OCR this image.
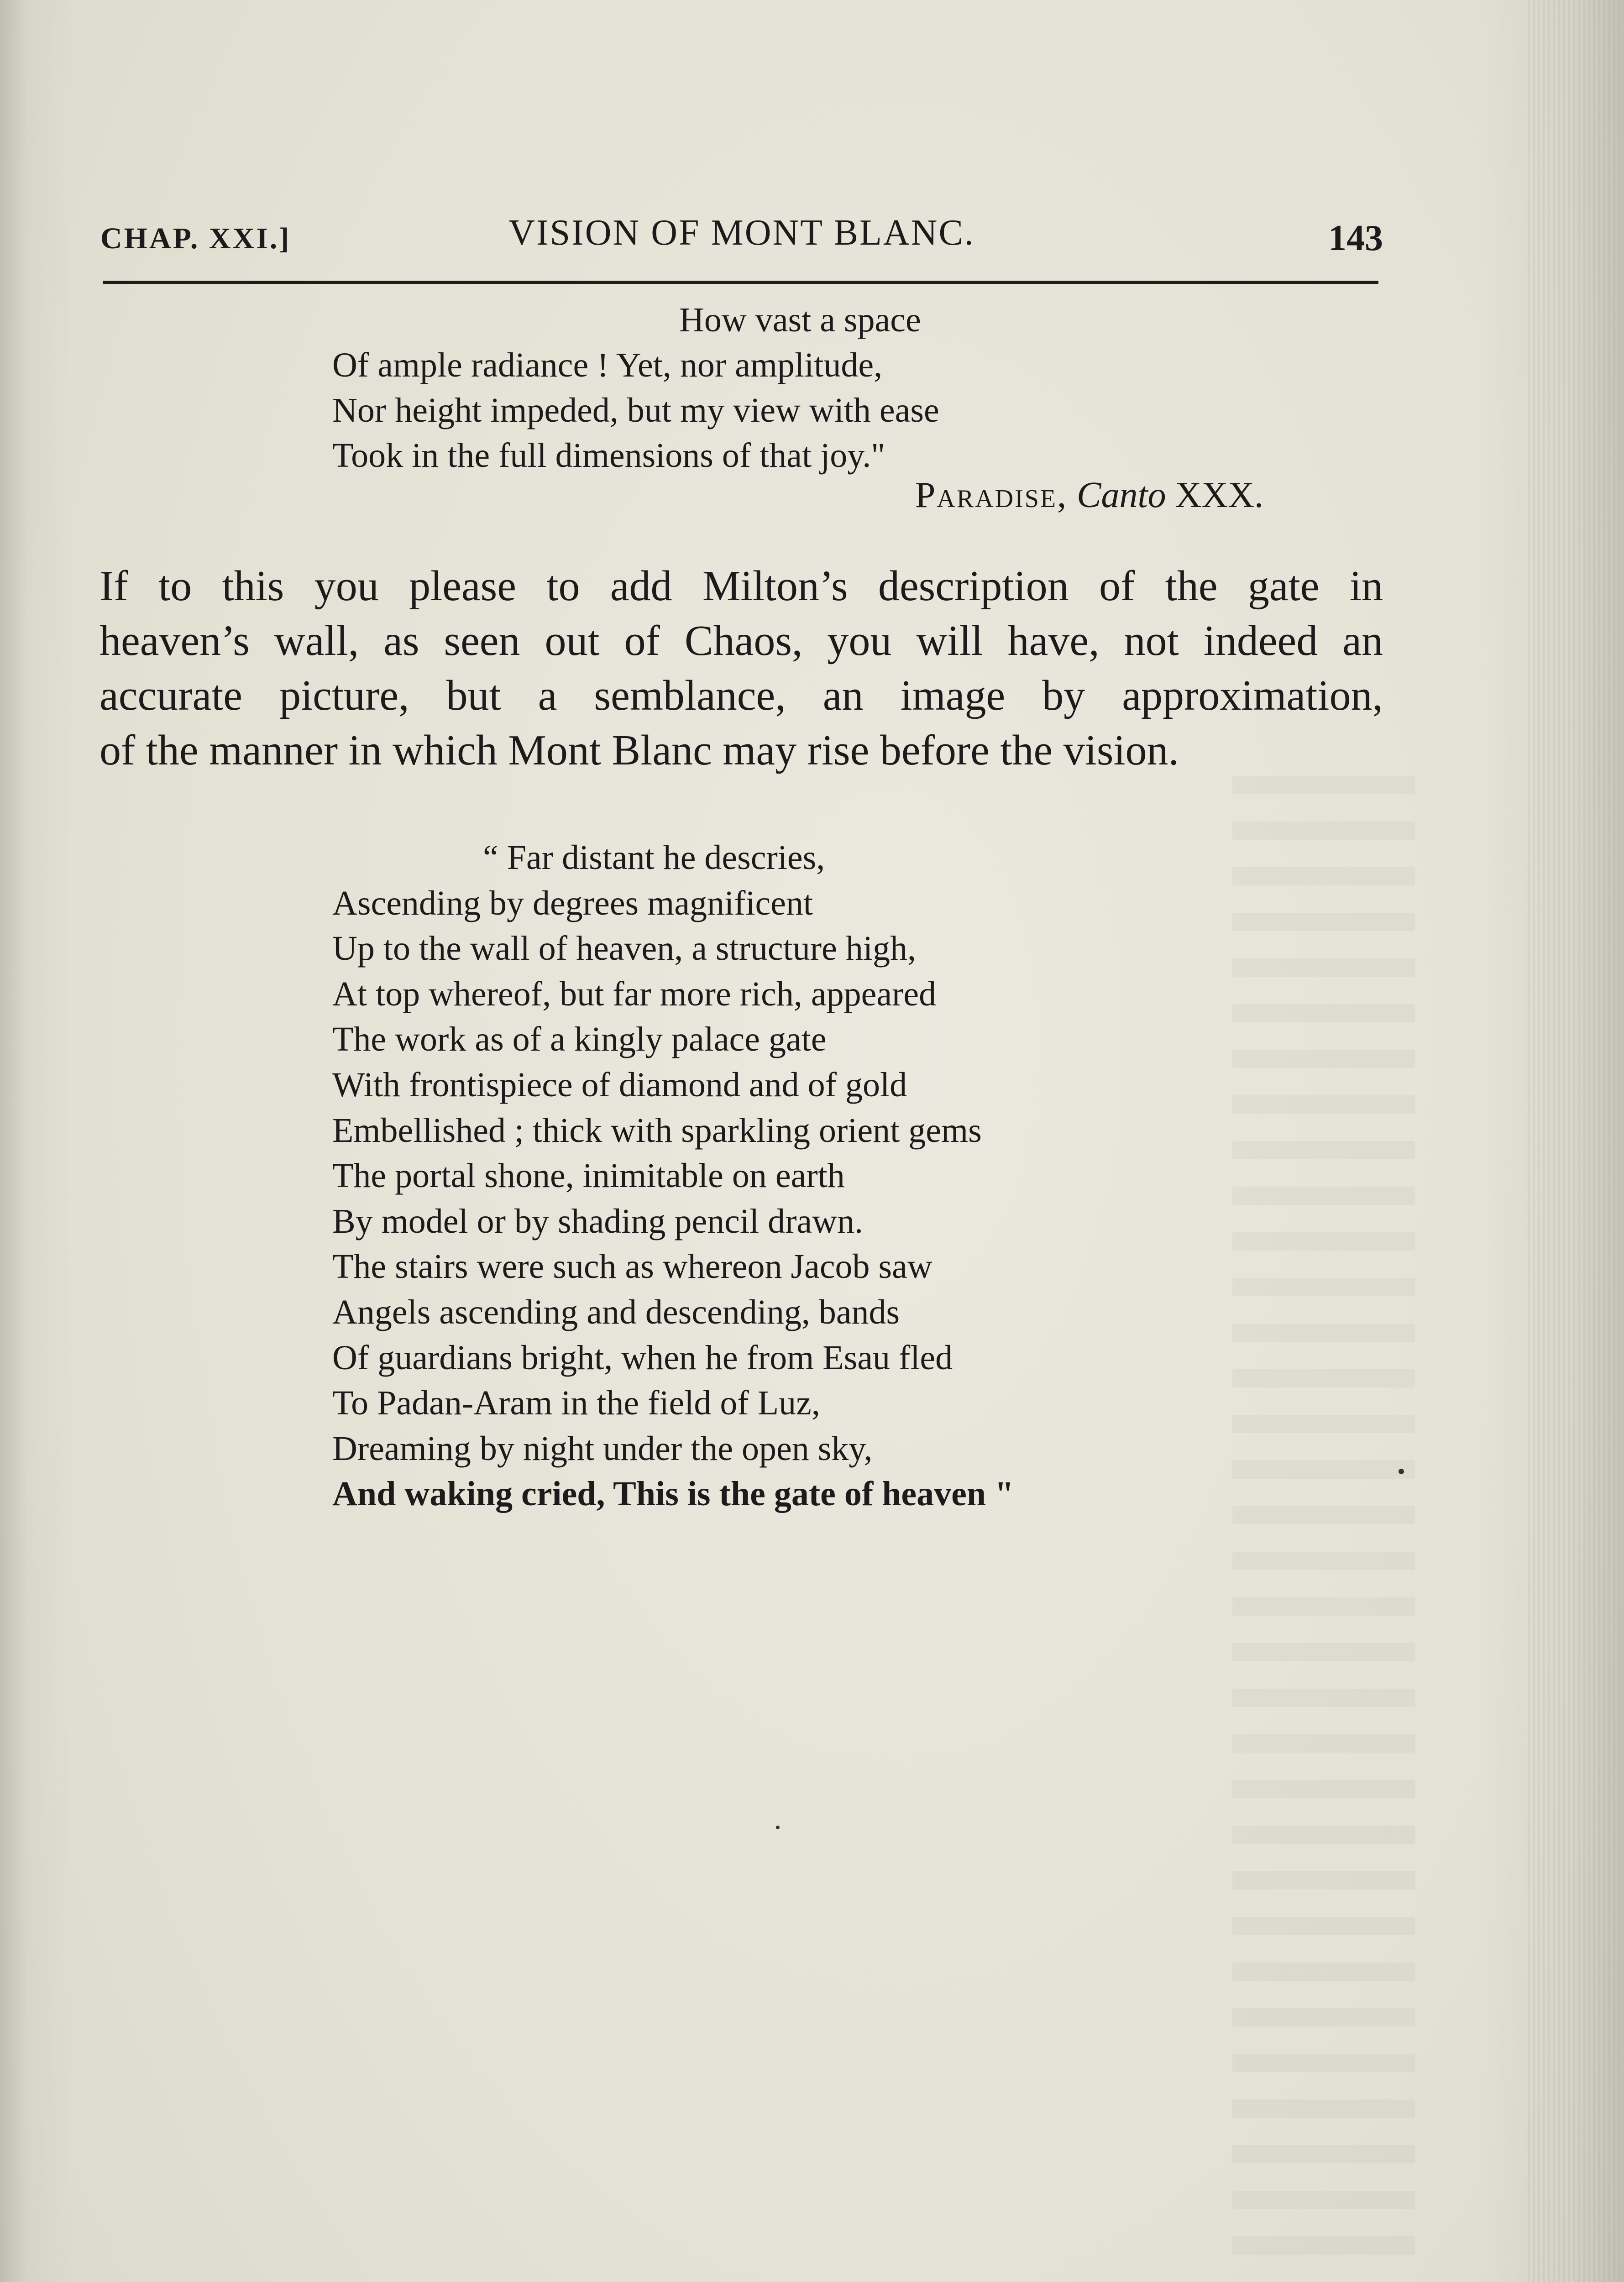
CHAP. XXI.]	VISION OF MONT BLANC.	143
How vast a space
Of ample radiance ! Yet, nor amplitude,
Nor height impeded, but my view with ease
Took in the full dimensions of that joy."
Paradise, Canto XXX.
If to this you please to add Milton’s description of the gate in
heaven’s wall, as seen out of Chaos, you will have, not indeed an
accurate picture, but a semblance, an image by approximation,
of the manner in which Mont Blanc may rise before the vision.
“ Far distant he descries,
Ascending by degrees magnificent
Up to the wall of heaven, a structure high,
At top whereof, but far more rich, appeared
The work as of a kingly palace gate
With frontispiece of diamond and of gold
Embellished ; thick with sparkling orient gems
The portal shone, inimitable on earth
By model or by shading pencil drawn.
The stairs were such as whereon Jacob saw
Angels ascending and descending, bands
Of guardians bright, when he from Esau fled
To Padan-Aram in the field of Luz,
Dreaming by night under the open sky,
And waking cried, This is the gate of heaven "
